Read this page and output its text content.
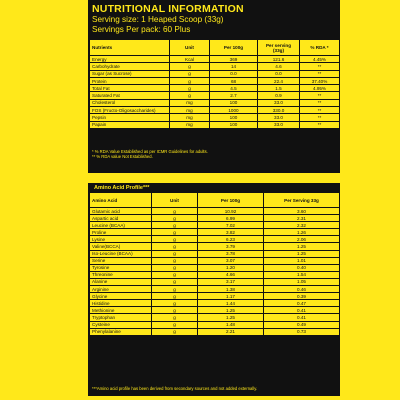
NUTRITIONAL INFORMATION
Serving size: 1 Heaped Scoop (33g)
Servings Per pack: 60 Plus
Nutrients	Unit	Per 100g	Per serving (33g)	% RDA *
Energy	Kcal	369	121.6	4.45%
Carbohydrate	g	14	4.6	**
Sugar (as Sucrose)	g	0.0	0.0	**
Protein	g	68	22.4	37.40%
Total Fat	g	4.5	1.5	4.95%
Saturated Fat	g	2.7	0.9	**
Cholesterol	mg	100	33.0	**
FOS (Fructo-Oligosaccharides)	mg	1000	330.0	**
Pepsin	mg	100	33.0	**
Papain	mg	100	33.0	**
* % RDA Value Established as per ICMR Guidelines for adults.
** % RDA value Not Established.
Amino Acid Profile***
Amino Acid	Unit	Per 100g	Per Serving 33g
Glutamic acid	g	10.92	3.60
Aspartic acid	g	6.99	2.31
Leucine (BCAA)	g	7.02	2.32
Proline	g	3.82	1.26
Lysine	g	6.23	2.06
Valine(BCCA)	g	3.79	1.25
Iso-Leucine (BCAA)	g	3.78	1.25
Serine	g	3.07	1.01
Tyrosine	g	1.20	0.40
Threonine	g	4.66	1.54
Alanine	g	3.17	1.05
Arginine	g	1.38	0.46
Glycine	g	1.17	0.39
Histidine	g	1.44	0.47
Methionine	g	1.25	0.41
Tryptophan	g	1.25	0.41
Cysteine	g	1.48	0.49
Phenylalanine	g	2.21	0.73
***Amino acid profile has been derived from secondary sources and not added externally.
